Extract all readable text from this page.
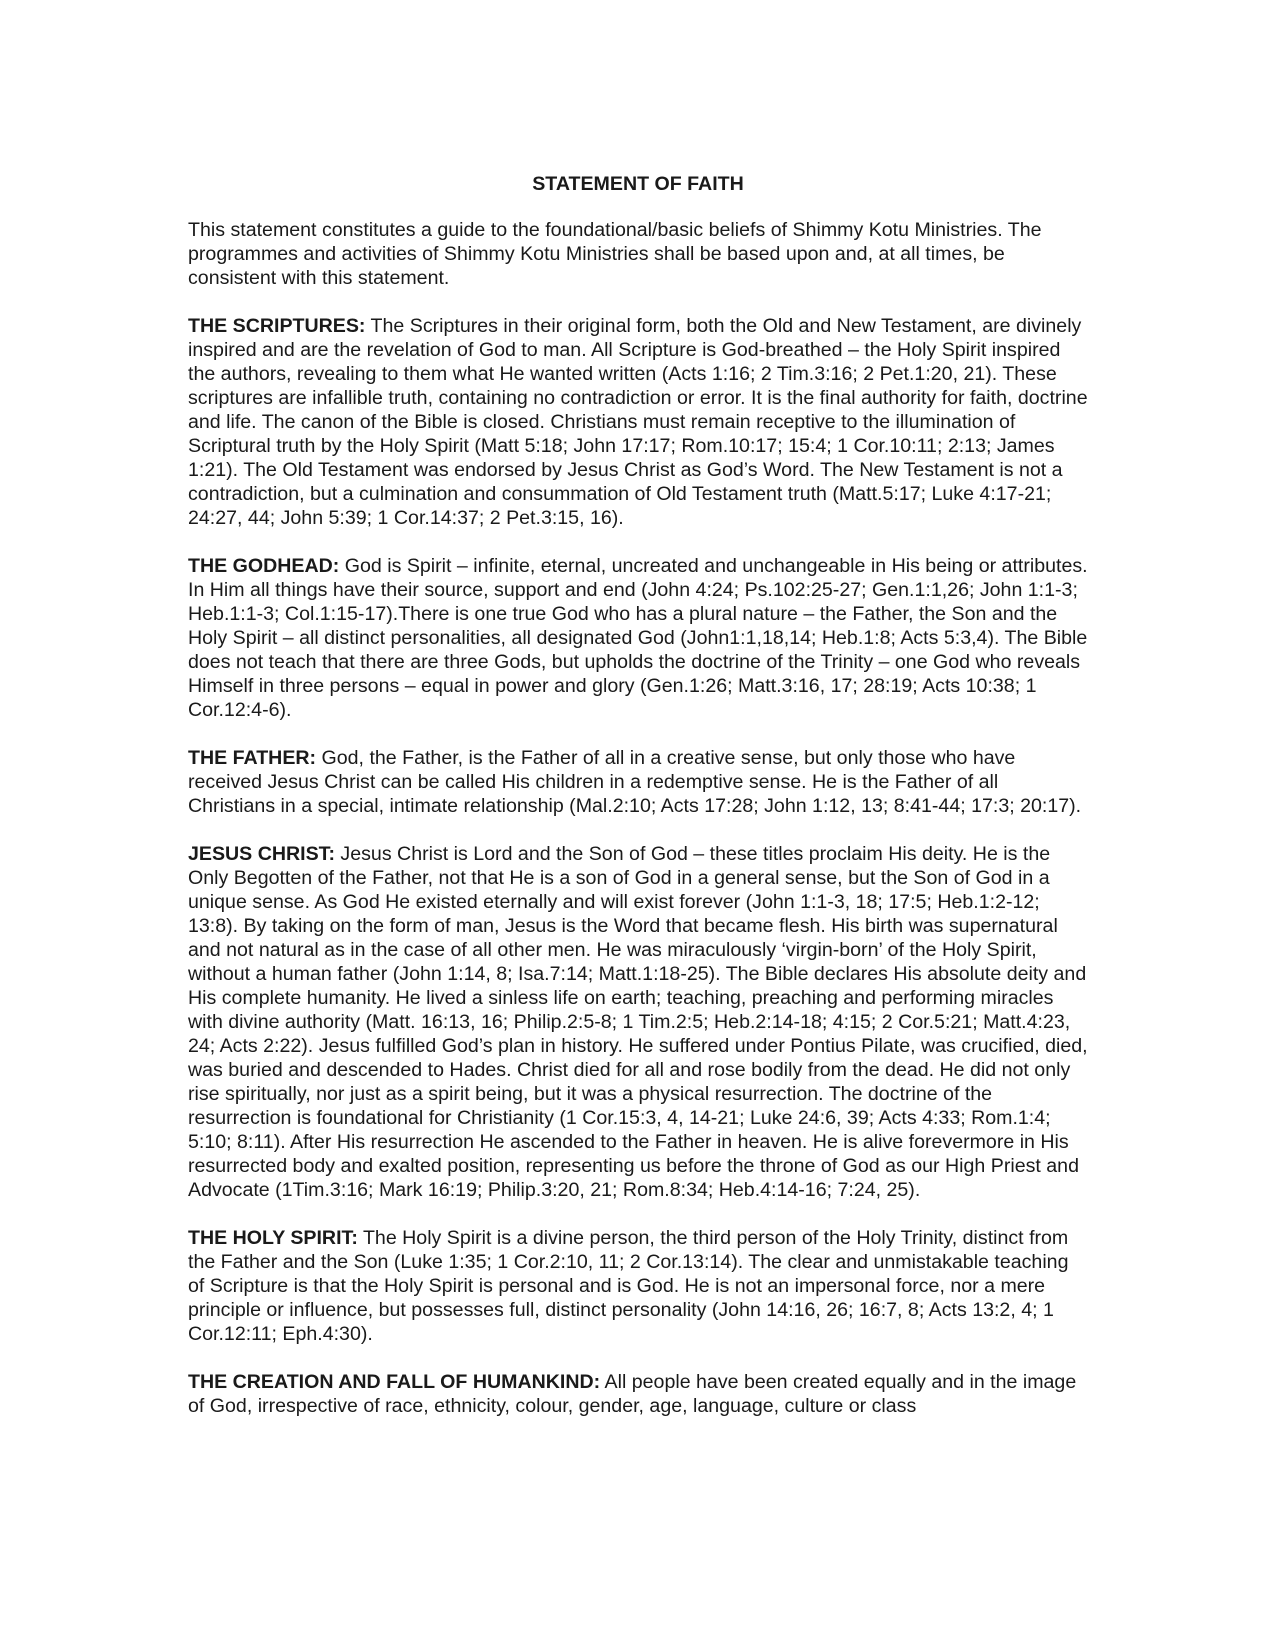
STATEMENT OF FAITH

This statement constitutes a guide to the foundational/basic beliefs of Shimmy Kotu Ministries. The programmes and activities of Shimmy Kotu Ministries shall be based upon and, at all times, be consistent with this statement.

THE SCRIPTURES: The Scriptures in their original form, both the Old and New Testament, are divinely inspired and are the revelation of God to man. All Scripture is God-breathed – the Holy Spirit inspired the authors, revealing to them what He wanted written (Acts 1:16; 2 Tim.3:16; 2 Pet.1:20, 21). These scriptures are infallible truth, containing no contradiction or error. It is the final authority for faith, doctrine and life. The canon of the Bible is closed. Christians must remain receptive to the illumination of Scriptural truth by the Holy Spirit (Matt 5:18; John 17:17; Rom.10:17; 15:4; 1 Cor.10:11; 2:13; James 1:21). The Old Testament was endorsed by Jesus Christ as God’s Word. The New Testament is not a contradiction, but a culmination and consummation of Old Testament truth (Matt.5:17; Luke 4:17-21; 24:27, 44; John 5:39; 1 Cor.14:37; 2 Pet.3:15, 16).

THE GODHEAD: God is Spirit – infinite, eternal, uncreated and unchangeable in His being or attributes. In Him all things have their source, support and end (John 4:24; Ps.102:25-27; Gen.1:1,26; John 1:1-3; Heb.1:1-3; Col.1:15-17).There is one true God who has a plural nature – the Father, the Son and the Holy Spirit – all distinct personalities, all designated God (John1:1,18,14; Heb.1:8; Acts 5:3,4). The Bible does not teach that there are three Gods, but upholds the doctrine of the Trinity – one God who reveals Himself in three persons – equal in power and glory (Gen.1:26; Matt.3:16, 17; 28:19; Acts 10:38; 1 Cor.12:4-6).

THE FATHER: God, the Father, is the Father of all in a creative sense, but only those who have received Jesus Christ can be called His children in a redemptive sense. He is the Father of all Christians in a special, intimate relationship (Mal.2:10; Acts 17:28; John 1:12, 13; 8:41-44; 17:3; 20:17).

JESUS CHRIST: Jesus Christ is Lord and the Son of God – these titles proclaim His deity. He is the Only Begotten of the Father, not that He is a son of God in a general sense, but the Son of God in a unique sense. As God He existed eternally and will exist forever (John 1:1-3, 18; 17:5; Heb.1:2-12; 13:8). By taking on the form of man, Jesus is the Word that became flesh. His birth was supernatural and not natural as in the case of all other men. He was miraculously ‘virgin-born’ of the Holy Spirit, without a human father (John 1:14, 8; Isa.7:14; Matt.1:18-25). The Bible declares His absolute deity and His complete humanity. He lived a sinless life on earth; teaching, preaching and performing miracles with divine authority (Matt. 16:13, 16; Philip.2:5-8; 1 Tim.2:5; Heb.2:14-18; 4:15; 2 Cor.5:21; Matt.4:23, 24; Acts 2:22). Jesus fulfilled God’s plan in history. He suffered under Pontius Pilate, was crucified, died, was buried and descended to Hades. Christ died for all and rose bodily from the dead. He did not only rise spiritually, nor just as a spirit being, but it was a physical resurrection. The doctrine of the resurrection is foundational for Christianity (1 Cor.15:3, 4, 14-21; Luke 24:6, 39; Acts 4:33; Rom.1:4; 5:10; 8:11). After His resurrection He ascended to the Father in heaven. He is alive forevermore in His resurrected body and exalted position, representing us before the throne of God as our High Priest and Advocate (1Tim.3:16; Mark 16:19; Philip.3:20, 21; Rom.8:34; Heb.4:14-16; 7:24, 25).

THE HOLY SPIRIT: The Holy Spirit is a divine person, the third person of the Holy Trinity, distinct from the Father and the Son (Luke 1:35; 1 Cor.2:10, 11; 2 Cor.13:14). The clear and unmistakable teaching of Scripture is that the Holy Spirit is personal and is God. He is not an impersonal force, nor a mere principle or influence, but possesses full, distinct personality (John 14:16, 26; 16:7, 8; Acts 13:2, 4; 1 Cor.12:11; Eph.4:30).

THE CREATION AND FALL OF HUMANKIND: All people have been created equally and in the image of God, irrespective of race, ethnicity, colour, gender, age, language, culture or class
